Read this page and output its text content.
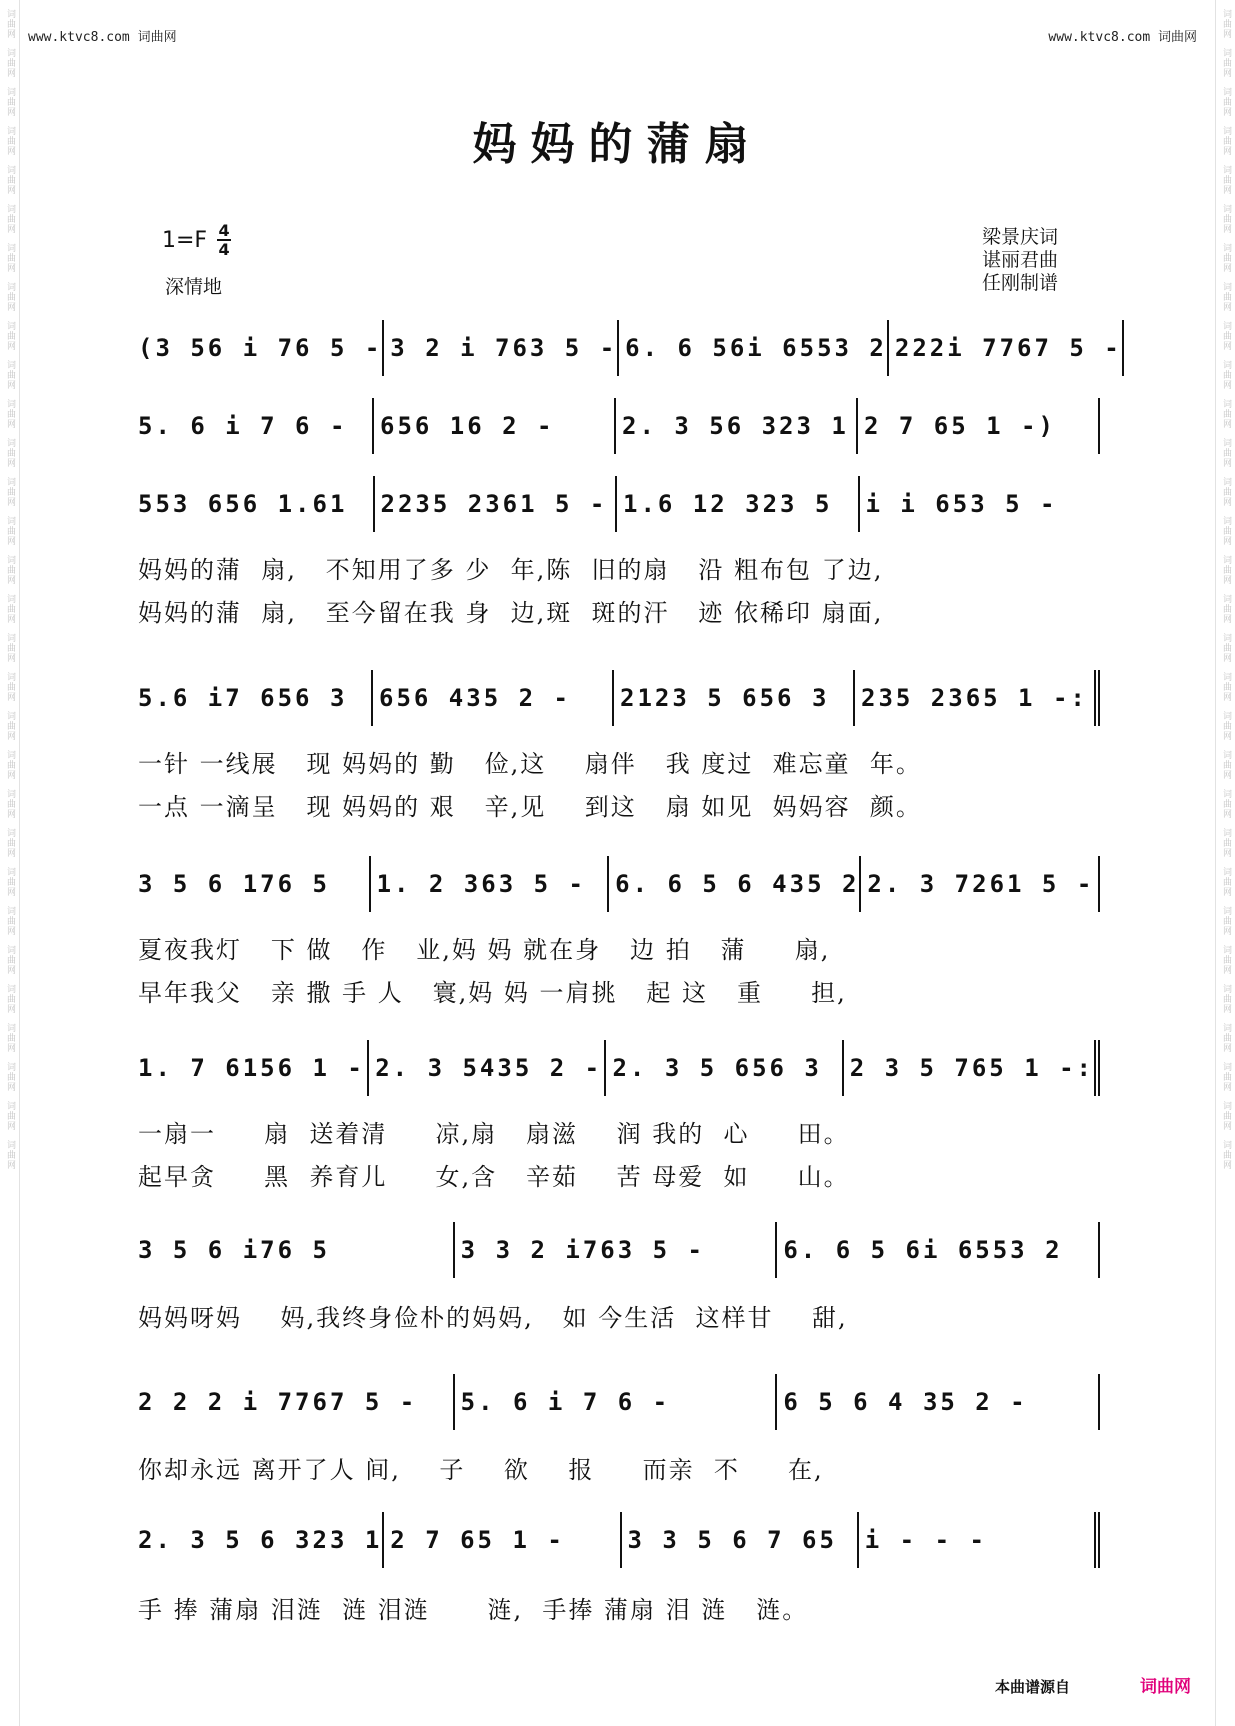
词曲网
词曲网
词曲网
词曲网
词曲网
词曲网
词曲网
词曲网
词曲网
词曲网
词曲网
词曲网
词曲网
词曲网
词曲网
词曲网
词曲网
词曲网
词曲网
词曲网
词曲网
词曲网
词曲网
词曲网
词曲网
词曲网
词曲网
词曲网
词曲网
词曲网
词曲网
词曲网
词曲网
词曲网
词曲网
词曲网
词曲网
词曲网
词曲网
词曲网
词曲网
词曲网
词曲网
词曲网
词曲网
词曲网
词曲网
词曲网
词曲网
词曲网
词曲网
词曲网
词曲网
词曲网
词曲网
词曲网
词曲网
词曲网
词曲网
词曲网
www.ktvc8.com 词曲网	www.ktvc8.com 词曲网
妈妈的蒲扇
1=F 4
4
深情地
梁景庆词
谌丽君曲
任刚制谱
(3 56 i 76 5 - 3 2 i 763 5 - 6. 6 56i 6553 2 222i 7767 5 -
5. 6 i 7 6 -	656 16 2 -	2. 3 56 323 1 2 7 65 1 -)
553 656 1.61	2235 2361 5 - 1.6 12 323 5	i i 653 5 -
妈妈的蒲  扇,   不知用了多 少  年,陈  旧的扇   沿 粗布包 了边,
妈妈的蒲  扇,   至今留在我 身  边,斑  斑的汗   迹 依稀印 扇面,
5.6 i7 656 3	656 435 2 -	2123 5 656 3	235 2365 1 -:
一针 一线展   现 妈妈的 勤   俭,这    扇伴   我 度过  难忘童  年。
一点 一滴呈   现 妈妈的 艰   辛,见    到这   扇 如见  妈妈容  颜。
3 5 6 176 5	1. 2 363 5 -	6. 6 5 6 435 2 2. 3 7261 5 -
夏夜我灯   下 做   作   业,妈 妈 就在身   边 拍   蒲     扇,
早年我父   亲 撒 手 人   寰,妈 妈 一肩挑   起 这   重     担,
1. 7 6156 1 - 2. 3 5435 2 - 2. 3 5 656 3	2 3 5 765 1 -:
一扇一     扇  送着清     凉,扇   扇滋    润 我的  心     田。
起早贪     黑  养育儿     女,含   辛茹    苦 母爱  如     山。
3 5 6 i76 5	3 3 2 i763 5 -	6. 6 5 6i 6553 2
妈妈呀妈    妈,我终身俭朴的妈妈,   如 今生活  这样甘    甜,
2 2 2 i 7767 5 -	5. 6 i 7 6 -	6 5 6 4 35 2 -
你却永远 离开了人 间,    子    欲    报     而亲  不     在,
2. 3 5 6 323 1 2 7 65 1 -	3 3 5 6 7 65	i - - -
手 捧 蒲扇 泪涟  涟 泪涟      涟,  手捧 蒲扇 泪 涟   涟。
本曲谱源自	词曲网
